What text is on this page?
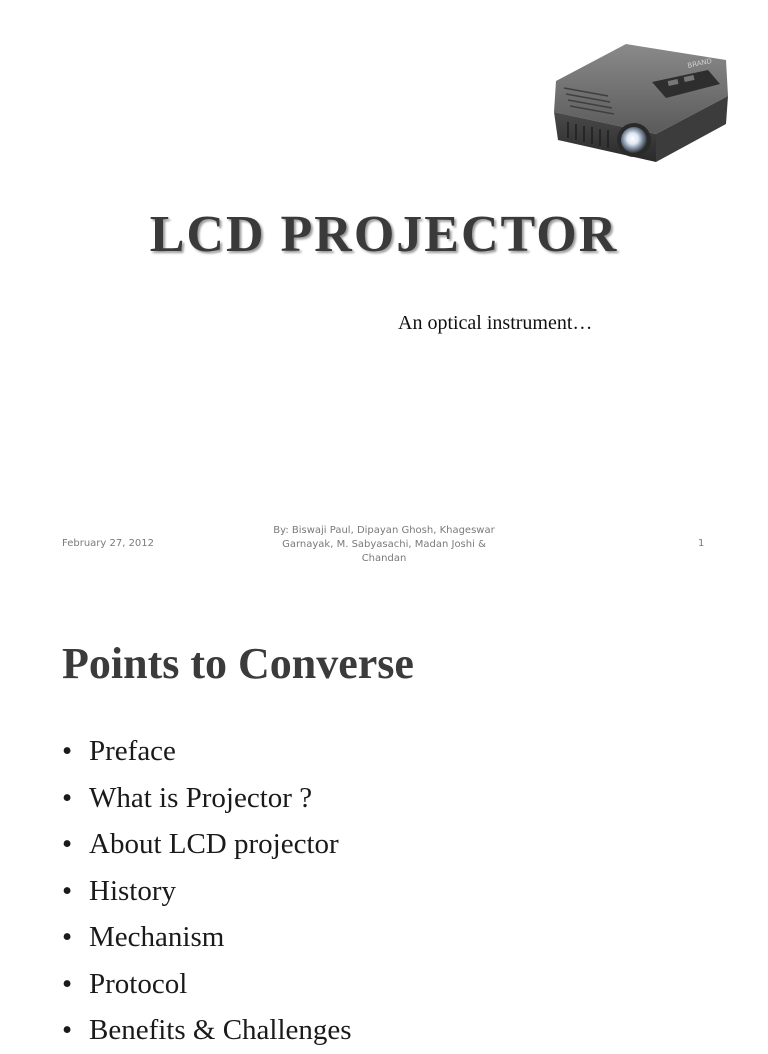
BRAND
LCD PROJECTOR
An optical instrument…
February 27, 2012
By: Biswaji Paul, Dipayan Ghosh, Khageswar
Garnayak, M. Sabyasachi, Madan Joshi &
Chandan
1
Points to Converse
• Preface
• What is Projector ?
• About LCD projector
• History
• Mechanism
• Protocol
• Benefits & Challenges
